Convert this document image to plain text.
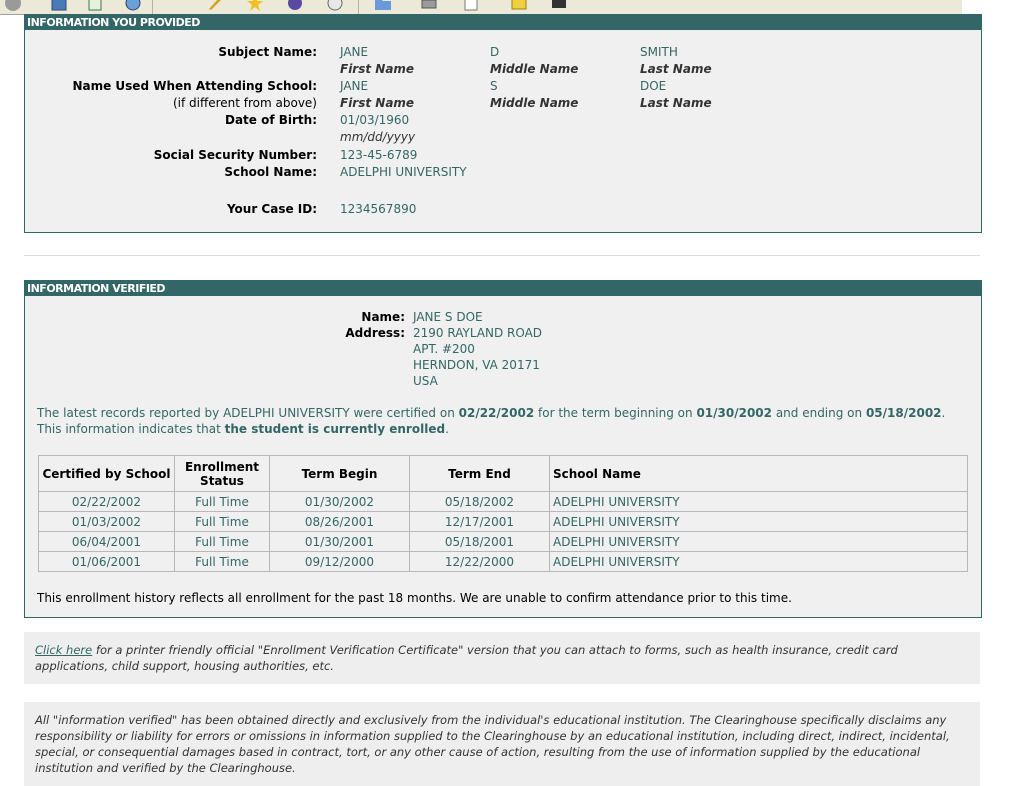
INFORMATION YOU PROVIDED
Subject Name: JANE	D	SMITH
First Name	Middle Name	Last Name
Name Used When Attending School: JANE	S	DOE
(if different from above) First Name	Middle Name	Last Name
Date of Birth: 01/03/1960
mm/dd/yyyy
Social Security Number: 123-45-6789
School Name: ADELPHI UNIVERSITY
Your Case ID: 1234567890
INFORMATION VERIFIED
Name: JANE S DOE
Address: 2190 RAYLAND ROAD
APT. #200
HERNDON, VA 20171
USA
The latest records reported by ADELPHI UNIVERSITY were certified on 02/22/2002 for the term beginning on 01/30/2002 and ending on 05/18/2002. This information indicates that the student is currently enrolled.
Certified by School	Enrollment Status	Term Begin	Term End	School Name
02/22/2002	Full Time	01/30/2002	05/18/2002	ADELPHI UNIVERSITY
01/03/2002	Full Time	08/26/2001	12/17/2001	ADELPHI UNIVERSITY
06/04/2001	Full Time	01/30/2001	05/18/2001	ADELPHI UNIVERSITY
01/06/2001	Full Time	09/12/2000	12/22/2000	ADELPHI UNIVERSITY
This enrollment history reflects all enrollment for the past 18 months. We are unable to confirm attendance prior to this time.
Click here for a printer friendly official "Enrollment Verification Certificate" version that you can attach to forms, such as health insurance, credit card applications, child support, housing authorities, etc.
All "information verified" has been obtained directly and exclusively from the individual's educational institution. The Clearinghouse specifically disclaims any responsibility or liability for errors or omissions in information supplied to the Clearinghouse by an educational institution, including direct, indirect, incidental, special, or consequential damages based in contract, tort, or any other cause of action, resulting from the use of information supplied by the educational institution and verified by the Clearinghouse.
